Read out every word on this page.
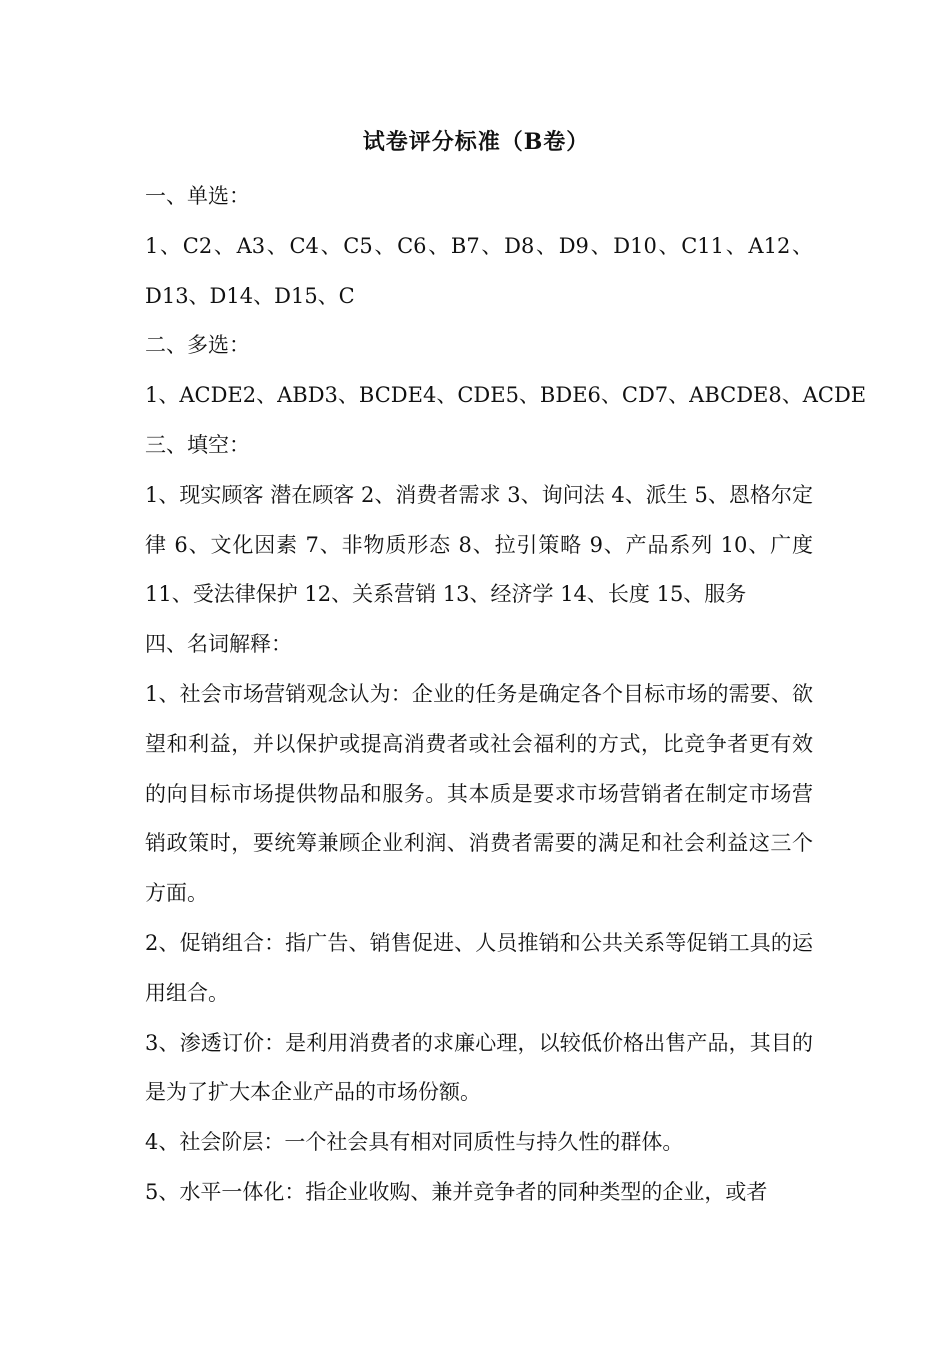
试卷评分标准（B卷）

一、单选：

1、C2、A3、C4、C5、C6、B7、D8、D9、D10、C11、A12、D13、D14、D15、C

二、多选：

1、ACDE2、ABD3、BCDE4、CDE5、BDE6、CD7、ABCDE8、ACDE

三、填空：

1、现实顾客 潜在顾客 2、消费者需求 3、询问法 4、派生 5、恩格尔定律 6、文化因素 7、非物质形态 8、拉引策略 9、产品系列 10、广度 11、受法律保护 12、关系营销 13、经济学 14、长度 15、服务

四、名词解释：

1、社会市场营销观念认为：企业的任务是确定各个目标市场的需要、欲望和利益，并以保护或提高消费者或社会福利的方式，比竞争者更有效的向目标市场提供物品和服务。其本质是要求市场营销者在制定市场营销政策时，要统筹兼顾企业利润、消费者需要的满足和社会利益这三个方面。

2、促销组合：指广告、销售促进、人员推销和公共关系等促销工具的运用组合。

3、渗透订价：是利用消费者的求廉心理，以较低价格出售产品，其目的是为了扩大本企业产品的市场份额。

4、社会阶层：一个社会具有相对同质性与持久性的群体。

5、水平一体化：指企业收购、兼并竞争者的同种类型的企业，或者
